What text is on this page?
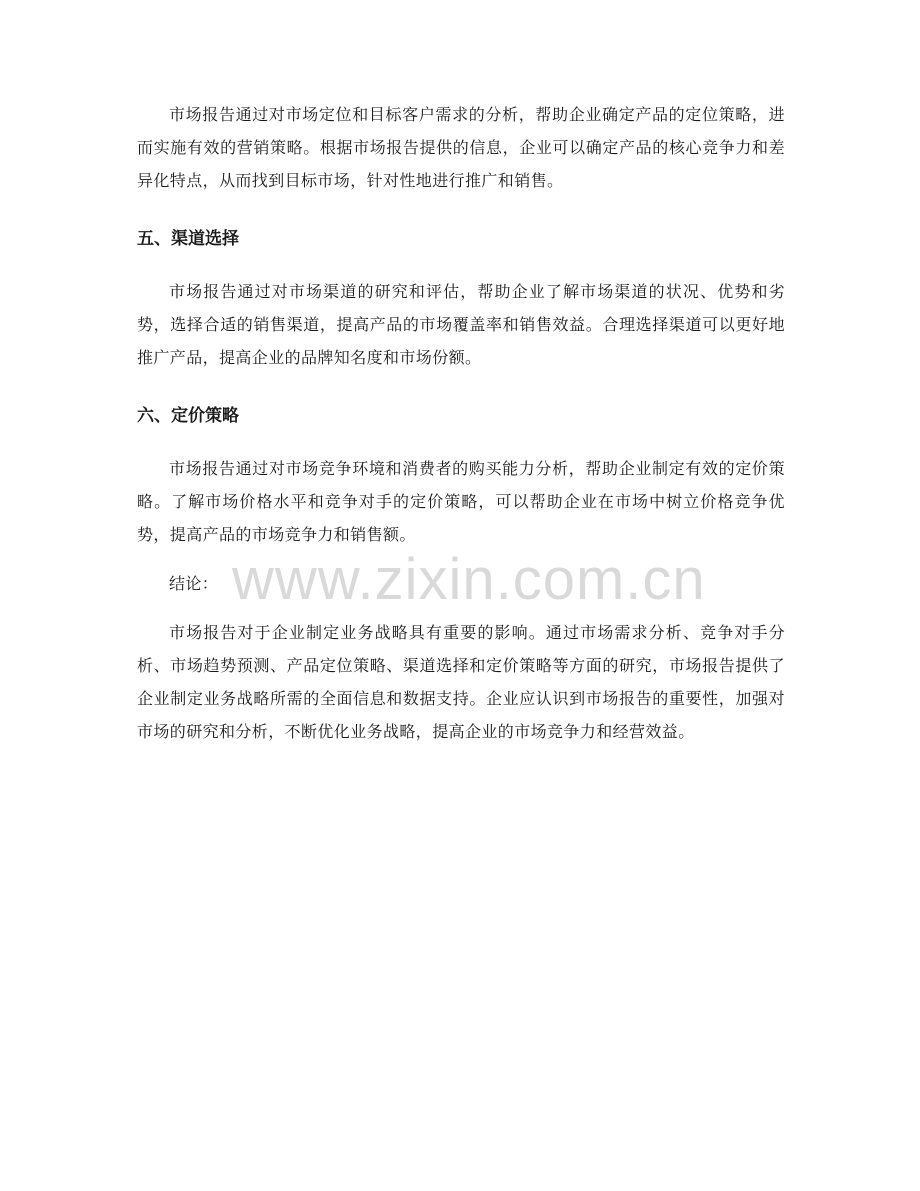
www.zixin.com.cn

市场报告通过对市场定位和目标客户需求的分析，帮助企业确定产品的定位策略，进而实施有效的营销策略。根据市场报告提供的信息，企业可以确定产品的核心竞争力和差异化特点，从而找到目标市场，针对性地进行推广和销售。

五、渠道选择

市场报告通过对市场渠道的研究和评估，帮助企业了解市场渠道的状况、优势和劣势，选择合适的销售渠道，提高产品的市场覆盖率和销售效益。合理选择渠道可以更好地推广产品，提高企业的品牌知名度和市场份额。

六、定价策略

市场报告通过对市场竞争环境和消费者的购买能力分析，帮助企业制定有效的定价策略。了解市场价格水平和竞争对手的定价策略，可以帮助企业在市场中树立价格竞争优势，提高产品的市场竞争力和销售额。

结论：

市场报告对于企业制定业务战略具有重要的影响。通过市场需求分析、竞争对手分析、市场趋势预测、产品定位策略、渠道选择和定价策略等方面的研究，市场报告提供了企业制定业务战略所需的全面信息和数据支持。企业应认识到市场报告的重要性，加强对市场的研究和分析，不断优化业务战略，提高企业的市场竞争力和经营效益。
